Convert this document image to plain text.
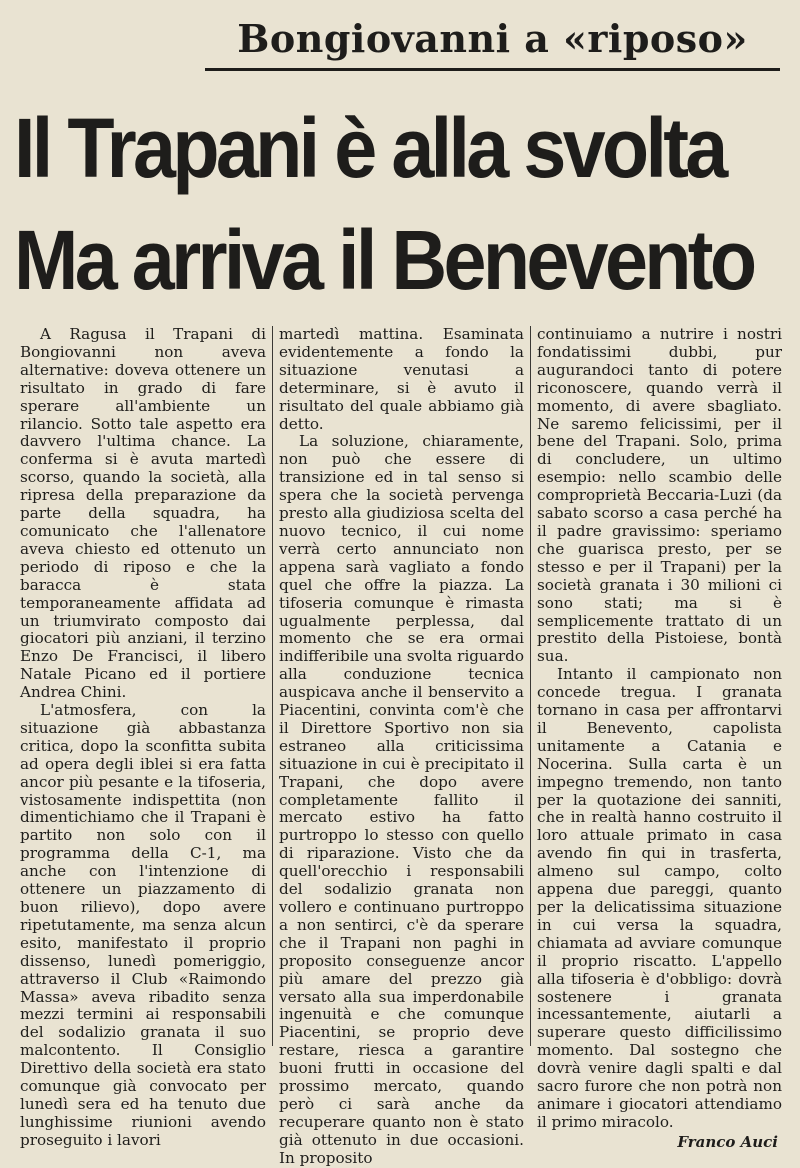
Bongiovanni a «riposo»
Il Trapani è alla svolta
Ma arriva il Benevento

A Ragusa il Trapani di Bongiovanni non aveva alternative: doveva ottenere un risultato in grado di fare sperare all'ambiente un rilancio. Sotto tale aspetto era davvero l'ultima chance. La conferma si è avuta martedì scorso, quando la società, alla ripresa della preparazione da parte della squadra, ha comunicato che l'allenatore aveva chiesto ed ottenuto un periodo di riposo e che la baracca è stata temporaneamente affidata ad un triumvirato composto dai giocatori più anziani, il terzino Enzo De Francisci, il libero Natale Picano ed il portiere Andrea Chini.

L'atmosfera, con la situazione già abbastanza critica, dopo la sconfitta subita ad opera degli iblei si era fatta ancor più pesante e la tifoseria, vistosamente indispettita (non dimentichiamo che il Trapani è partito non solo con il programma della C-1, ma anche con l'intenzione di ottenere un piazzamento di buon rilievo), dopo avere ripetutamente, ma senza alcun esito, manifestato il proprio dissenso, lunedì pomeriggio, attraverso il Club «Raimondo Massa» aveva ribadito senza mezzi termini ai responsabili del sodalizio granata il suo malcontento. Il Consiglio Direttivo della società era stato comunque già convocato per lunedì sera ed ha tenuto due lunghissime riunioni avendo proseguito i lavori

martedì mattina. Esaminata evidentemente a fondo la situazione venutasi a determinare, si è avuto il risultato del quale abbiamo già detto.

La soluzione, chiaramente, non può che essere di transizione ed in tal senso si spera che la società pervenga presto alla giudiziosa scelta del nuovo tecnico, il cui nome verrà certo annunciato non appena sarà vagliato a fondo quel che offre la piazza. La tifoseria comunque è rimasta ugualmente perplessa, dal momento che se era ormai indifferibile una svolta riguardo alla conduzione tecnica auspicava anche il benservito a Piacentini, convinta com'è che il Direttore Sportivo non sia estraneo alla criticissima situazione in cui è precipitato il Trapani, che dopo avere completamente fallito il mercato estivo ha fatto purtroppo lo stesso con quello di riparazione. Visto che da quell'orecchio i responsabili del sodalizio granata non vollero e continuano purtroppo a non sentirci, c'è da sperare che il Trapani non paghi in proposito conseguenze ancor più amare del prezzo già versato alla sua imperdonabile ingenuità e che comunque Piacentini, se proprio deve restare, riesca a garantire buoni frutti in occasione del prossimo mercato, quando però ci sarà anche da recuperare quanto non è stato già ottenuto in due occasioni. In proposito

continuiamo a nutrire i nostri fondatissimi dubbi, pur augurandoci tanto di potere riconoscere, quando verrà il momento, di avere sbagliato. Ne saremo felicissimi, per il bene del Trapani. Solo, prima di concludere, un ultimo esempio: nello scambio delle comproprietà Beccaria-Luzi (da sabato scorso a casa perché ha il padre gravissimo: speriamo che guarisca presto, per se stesso e per il Trapani) per la società granata i 30 milioni ci sono stati; ma si è semplicemente trattato di un prestito della Pistoiese, bontà sua.

Intanto il campionato non concede tregua. I granata tornano in casa per affrontarvi il Benevento, capolista unitamente a Catania e Nocerina. Sulla carta è un impegno tremendo, non tanto per la quotazione dei sanniti, che in realtà hanno costruito il loro attuale primato in casa avendo fin qui in trasferta, almeno sul campo, colto appena due pareggi, quanto per la delicatissima situazione in cui versa la squadra, chiamata ad avviare comunque il proprio riscatto. L'appello alla tifoseria è d'obbligo: dovrà sostenere i granata incessantemente, aiutarli a superare questo difficilissimo momento. Dal sostegno che dovrà venire dagli spalti e dal sacro furore che non potrà non animare i giocatori attendiamo il primo miracolo.

Franco Auci
